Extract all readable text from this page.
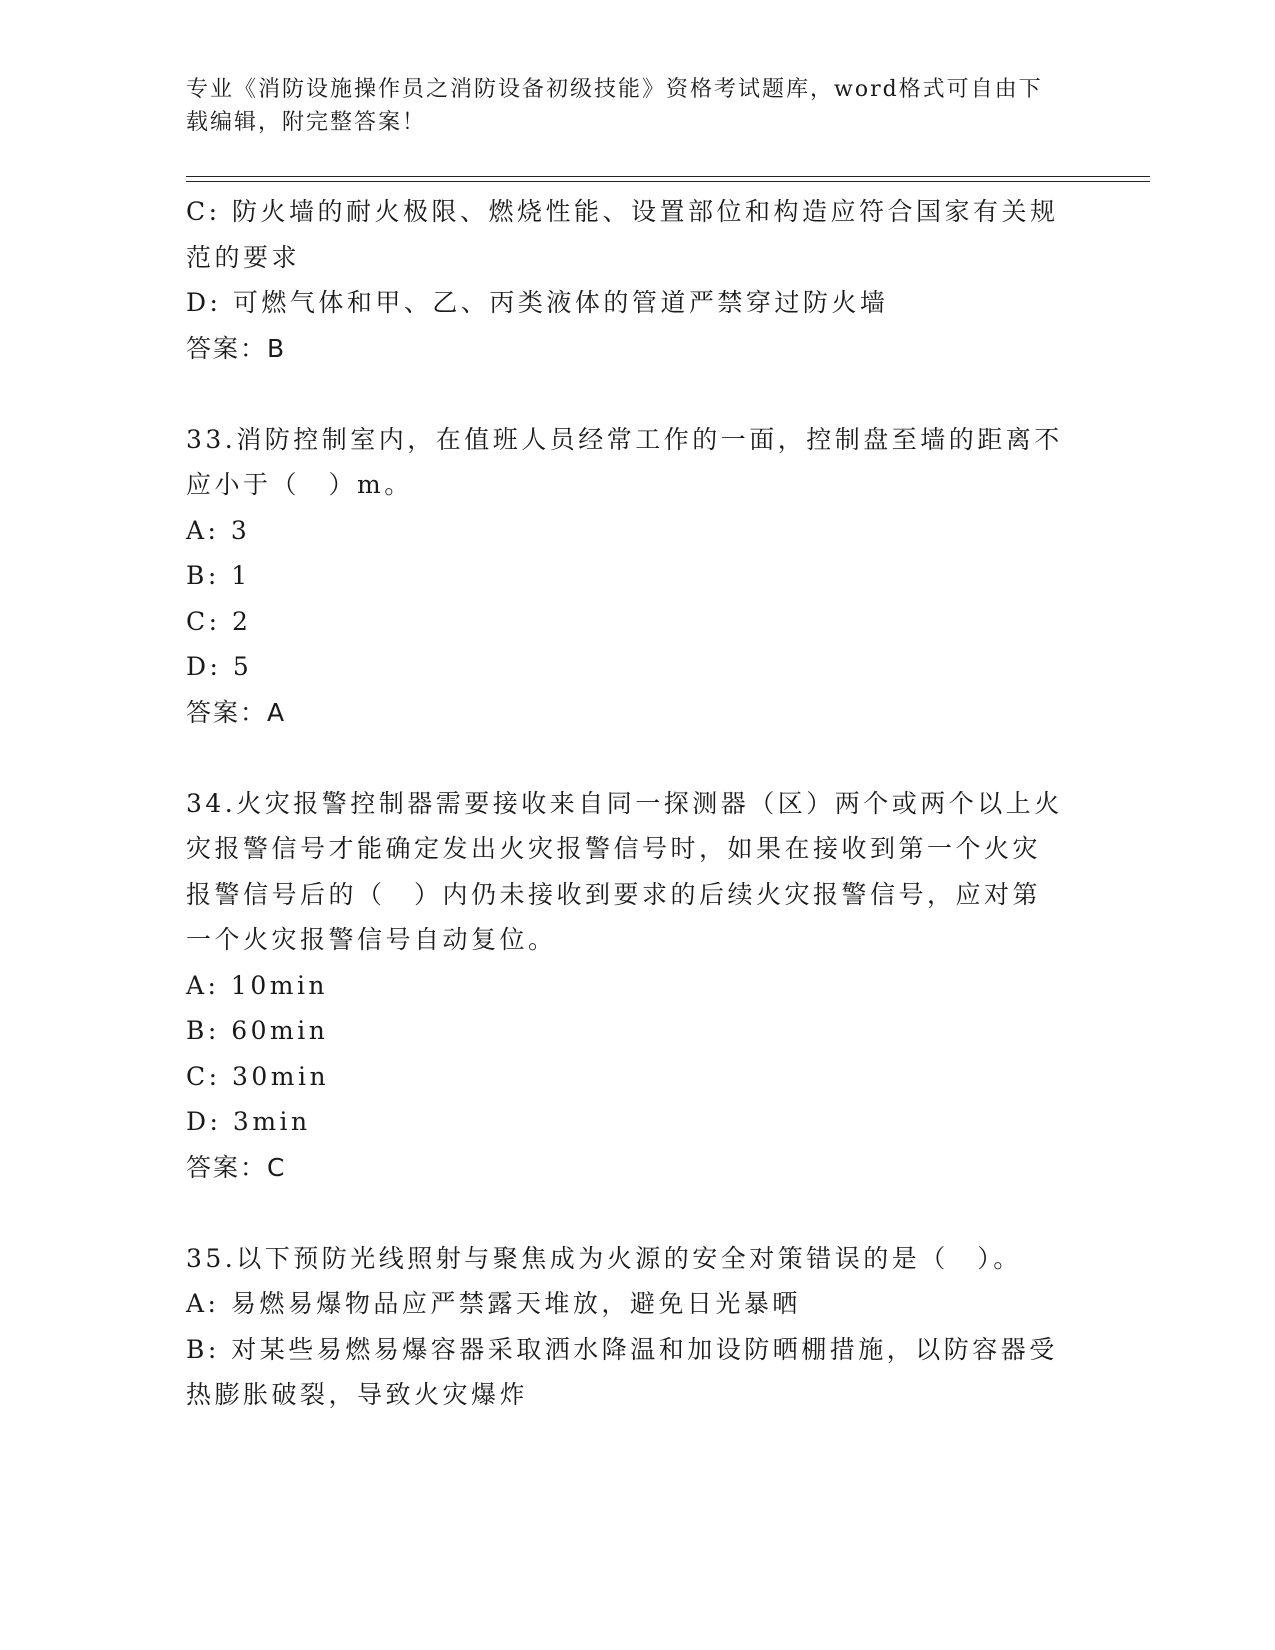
专业《消防设施操作员之消防设备初级技能》资格考试题库，word格式可自由下载编辑，附完整答案！
C: 防火墙的耐火极限、燃烧性能、设置部位和构造应符合国家有关规范的要求
D: 可燃气体和甲、乙、丙类液体的管道严禁穿过防火墙
答案：B
33.消防控制室内，在值班人员经常工作的一面，控制盘至墙的距离不应小于（　）m。
A: 3
B: 1
C: 2
D: 5
答案：A
34.火灾报警控制器需要接收来自同一探测器（区）两个或两个以上火灾报警信号才能确定发出火灾报警信号时，如果在接收到第一个火灾报警信号后的（　）内仍未接收到要求的后续火灾报警信号，应对第一个火灾报警信号自动复位。
A: 10min
B: 60min
C: 30min
D: 3min
答案：C
35.以下预防光线照射与聚焦成为火源的安全对策错误的是（　）。
A: 易燃易爆物品应严禁露天堆放，避免日光暴晒
B: 对某些易燃易爆容器采取洒水降温和加设防晒棚措施，以防容器受热膨胀破裂，导致火灾爆炸
